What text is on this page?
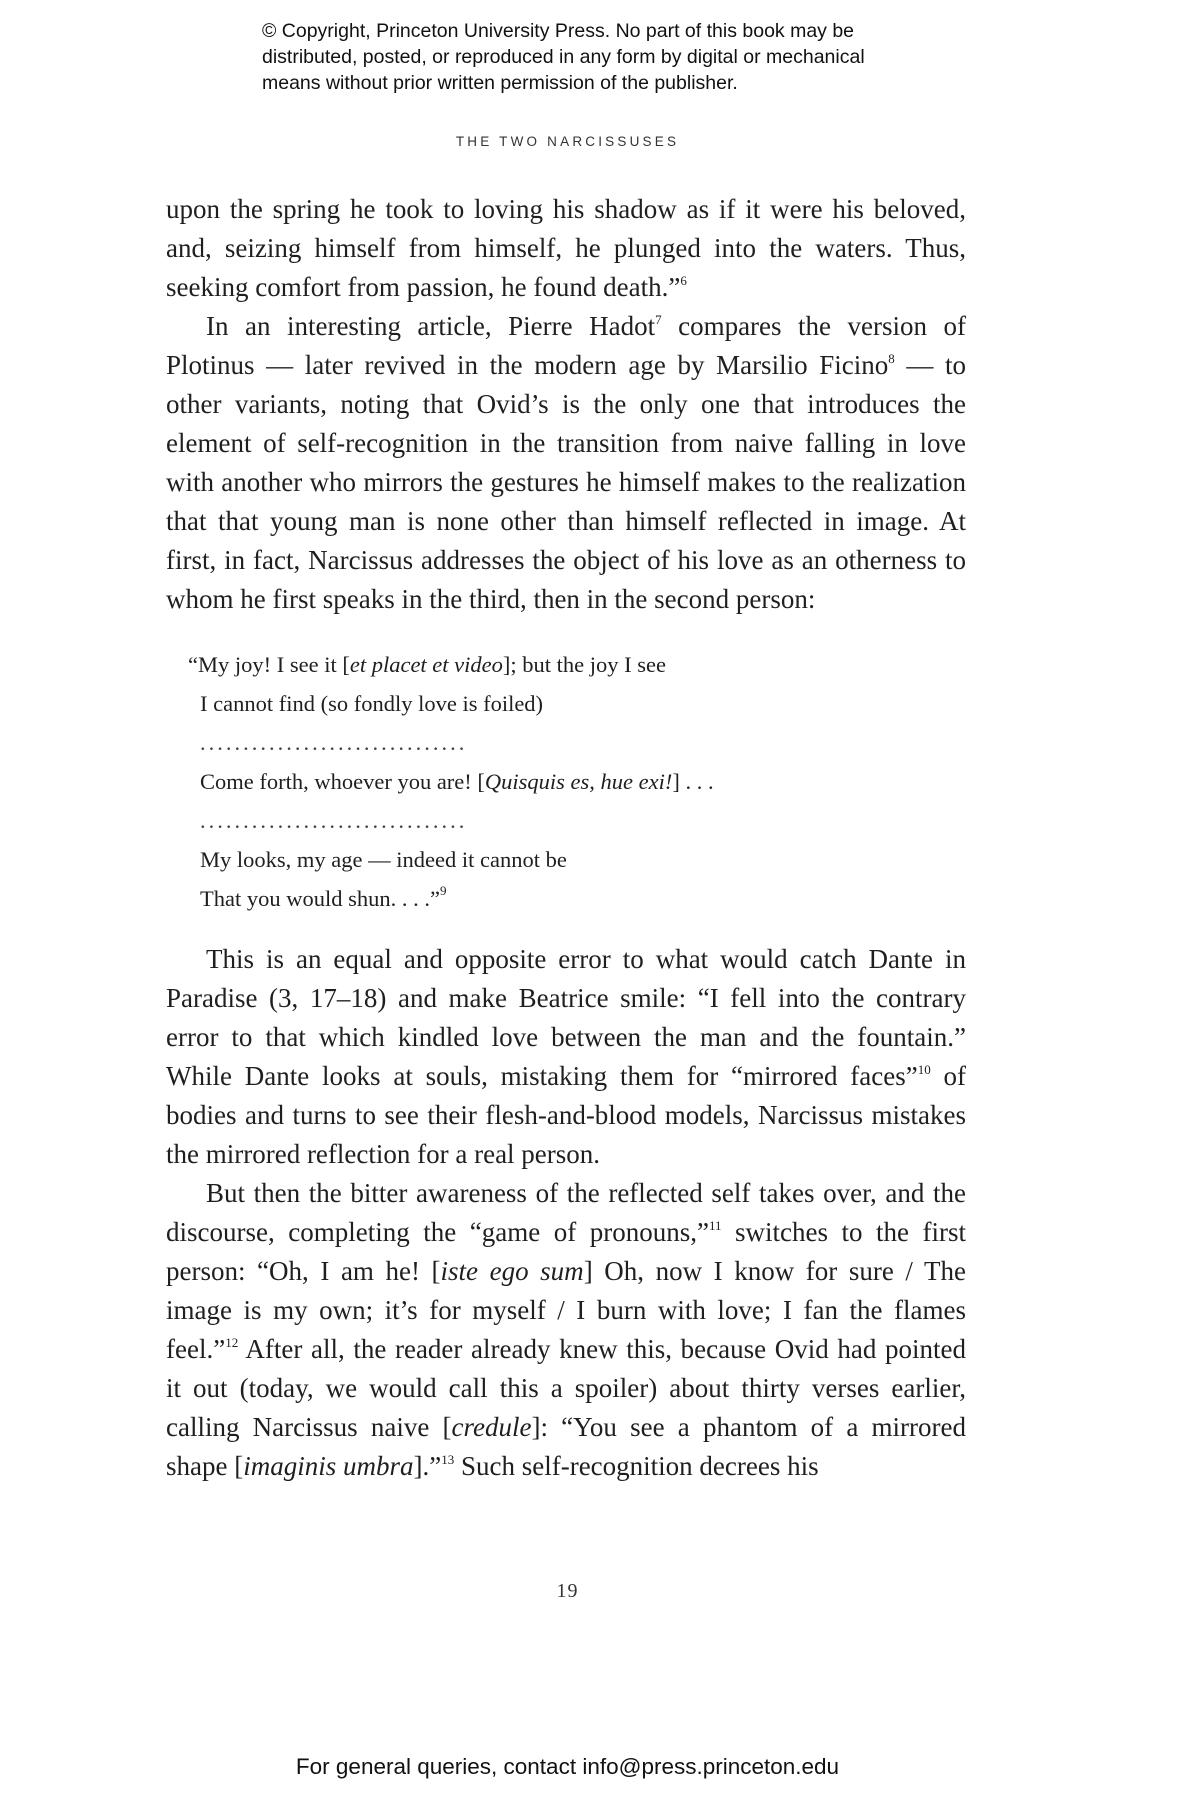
© Copyright, Princeton University Press. No part of this book may be
distributed, posted, or reproduced in any form by digital or mechanical
means without prior written permission of the publisher.
THE TWO NARCISSUSES

upon the spring he took to loving his shadow as if it were his beloved, and, seizing himself from himself, he plunged into the waters. Thus, seeking comfort from passion, he found death.”$^6$

In an interesting article, Pierre Hadot$^7$ compares the version of Plotinus — later revived in the modern age by Marsilio Ficino$^8$ — to other variants, noting that Ovid’s is the only one that introduces the element of self-recognition in the transition from naive falling in love with another who mirrors the gestures he himself makes to the realization that that young man is none other than himself reflected in image. At first, in fact, Narcissus addresses the object of his love as an otherness to whom he first speaks in the third, then in the second person:

“My joy! I see it [et placet et video]; but the joy I see
I cannot find (so fondly love is foiled)
...............................
Come forth, whoever you are! [Quisquis es, hue exi!] . . .
...............................
My looks, my age — indeed it cannot be
That you would shun. . . .”$^9$

This is an equal and opposite error to what would catch Dante in Paradise (3, 17–18) and make Beatrice smile: “I fell into the contrary error to that which kindled love between the man and the fountain.” While Dante looks at souls, mistaking them for “mirrored faces”$^{10}$ of bodies and turns to see their flesh-and-blood models, Narcissus mistakes the mirrored reflection for a real person.

But then the bitter awareness of the reflected self takes over, and the discourse, completing the “game of pronouns,”$^{11}$ switches to the first person: “Oh, I am he! [iste ego sum] Oh, now I know for sure / The image is my own; it’s for myself / I burn with love; I fan the flames feel.”$^{12}$ After all, the reader already knew this, because Ovid had pointed it out (today, we would call this a spoiler) about thirty verses earlier, calling Narcissus naive [credule]: “You see a phantom of a mirrored shape [imaginis umbra].”$^{13}$ Such self-recognition decrees his

19
For general queries, contact info@press.princeton.edu
